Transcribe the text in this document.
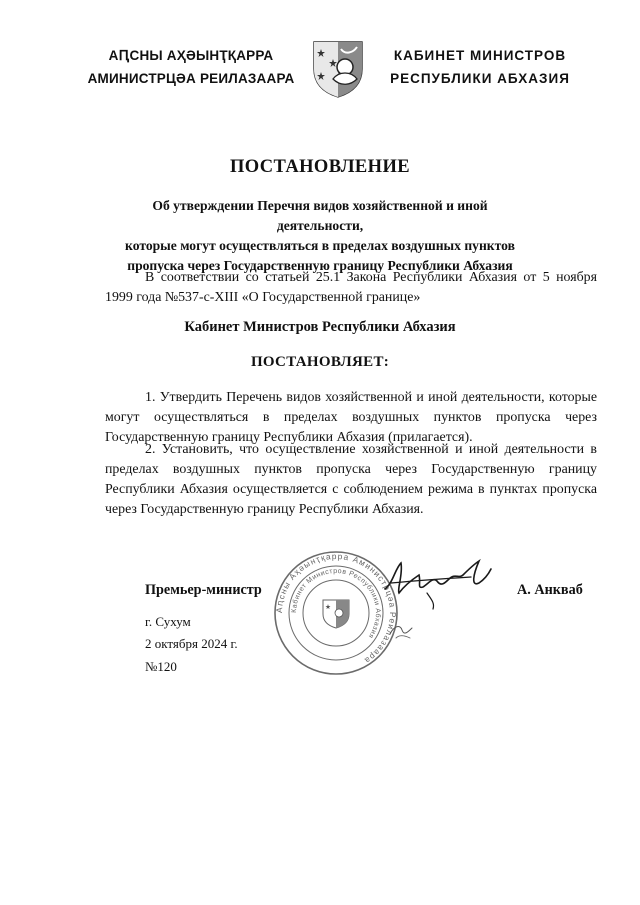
АԤСНЫ АҲӘЫНҬҚАРРА
АМИНИСТРЦӘА РЕИЛАЗААРА
КАБИНЕТ МИНИСТРОВ
РЕСПУБЛИКИ АБХАЗИЯ
ПОСТАНОВЛЕНИЕ
Об утверждении Перечня видов хозяйственной и иной деятельности,
которые могут осуществляться в пределах воздушных пунктов
пропуска через Государственную границу Республики Абхазия
В соответствии со статьей 25.1 Закона Республики Абхазия от 5 ноября 1999 года №537-с-XIII «О Государственной границе»
Кабинет Министров Республики Абхазия
ПОСТАНОВЛЯЕТ:
1. Утвердить Перечень видов хозяйственной и иной деятельности, которые могут осуществляться в пределах воздушных пунктов пропуска через Государственную границу Республики Абхазия (прилагается).
2. Установить, что осуществление хозяйственной и иной деятельности в пределах воздушных пунктов пропуска через Государственную границу Республики Абхазия осуществляется с соблюдением режима в пунктах пропуска через Государственную границу Республики Абхазия.
Аԥсны Аҳәынҭқарра Аминистрцәа Реилазаара
Кабинет Министров Республики Абхазия
Премьер-министр	А. Анкваб
г. Сухум
2 октября 2024 г.
№120
